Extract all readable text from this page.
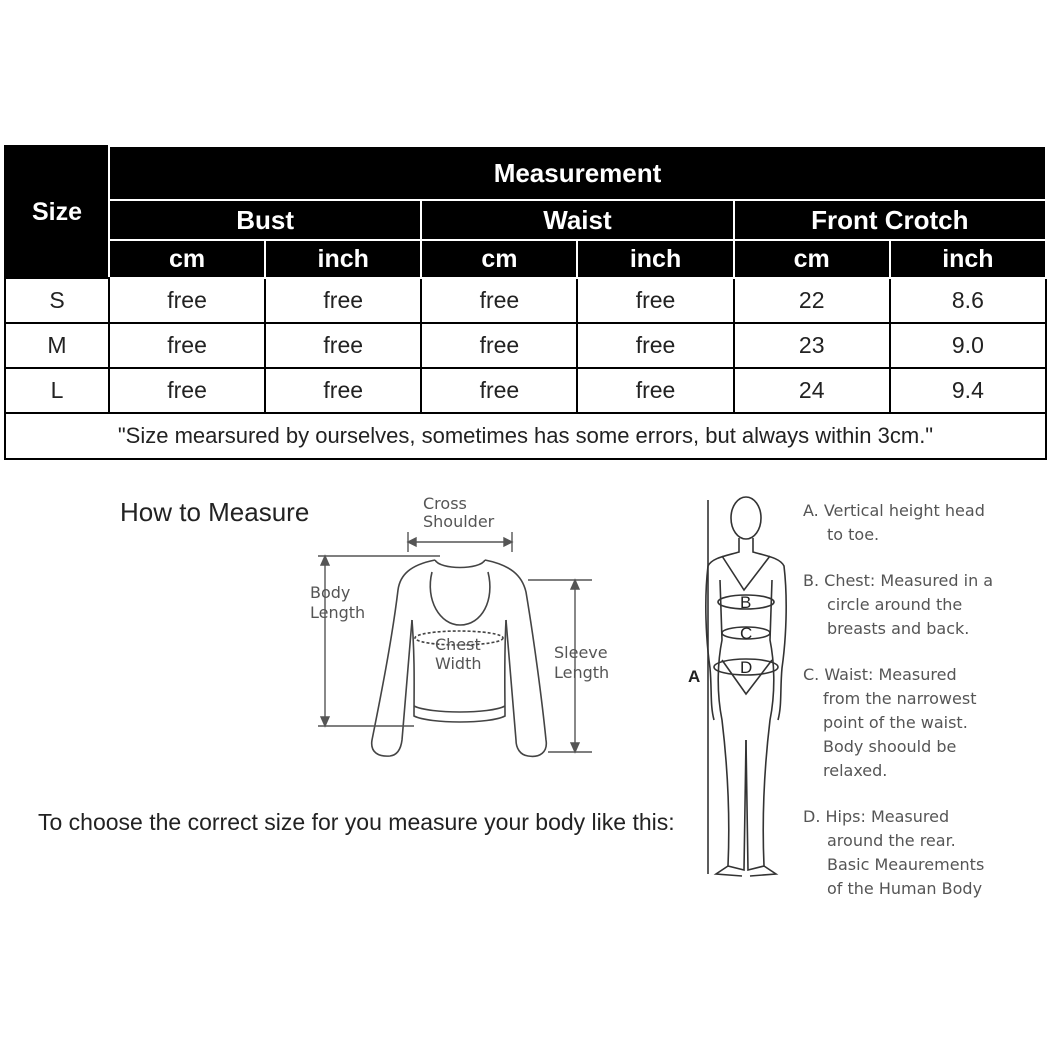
Size	Measurement					
	Bust		Waist		Front Crotch	
	cm	inch	cm	inch	cm	inch
S	free	free	free	free	22	8.6
M	free	free	free	free	23	9.0
L	free	free	free	free	24	9.4
"Size mearsured by ourselves, sometimes has some errors, but always within 3cm."						
How to Measure
To choose the correct size for you measure your body like this:
Cross
Shoulder
Body
Length
Chest
Width
Sleeve
Length	A
B
C
D

A. Vertical height head
to toe.

B. Chest: Measured in a
circle around the
breasts and back.

C. Waist: Measured
from the narrowest
point of the waist.
Body shoould be
relaxed.

D. Hips: Measured
around the rear.
Basic Meaurements
of the Human Body
